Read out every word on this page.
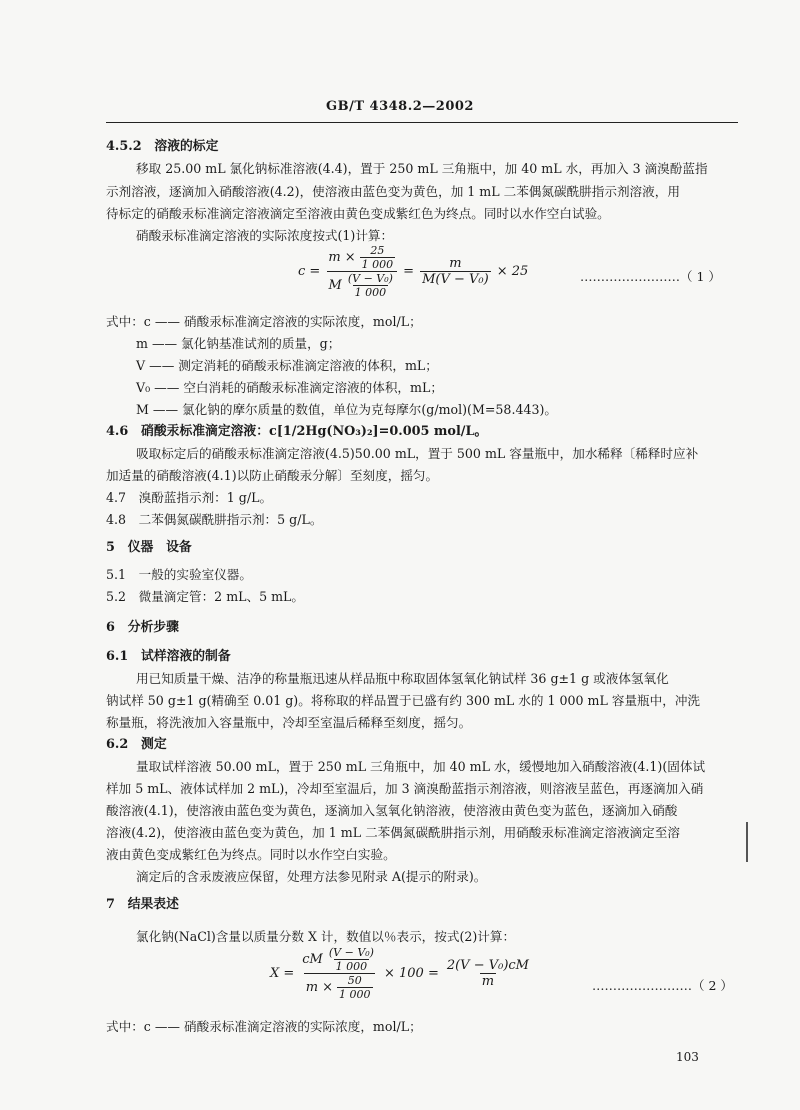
GB/T 4348.2—2002
4.5.2　溶液的标定
移取 25.00 mL 氯化钠标准溶液(4.4)，置于 250 mL 三角瓶中，加 40 mL 水，再加入 3 滴溴酚蓝指
示剂溶液，逐滴加入硝酸溶液(4.2)，使溶液由蓝色变为黄色，加 1 mL 二苯偶氮碳酰肼指示剂溶液，用
待标定的硝酸汞标准滴定溶液滴定至溶液由黄色变成紫红色为终点。同时以水作空白试验。
硝酸汞标准滴定溶液的实际浓度按式(1)计算：
$c = \frac{m \times \frac{25}{1 000}}{M \frac{\text{(V − V₀)}}{1 000}} = \frac{m}{\text{M(V − V₀)}} \times 25$	……………………（ 1 ）
式中：c —— 硝酸汞标准滴定溶液的实际浓度，mol/L；
m —— 氯化钠基准试剂的质量，g；
V —— 测定消耗的硝酸汞标准滴定溶液的体积，mL；
V₀ —— 空白消耗的硝酸汞标准滴定溶液的体积，mL；
M —— 氯化钠的摩尔质量的数值，单位为克每摩尔(g/mol)(M=58.443)。
4.6　硝酸汞标准滴定溶液：c[1/2Hg(NO₃)₂]=0.005 mol/L。
吸取标定后的硝酸汞标准滴定溶液(4.5)50.00 mL，置于 500 mL 容量瓶中，加水稀释〔稀释时应补
加适量的硝酸溶液(4.1)以防止硝酸汞分解〕至刻度，摇匀。
4.7　溴酚蓝指示剂：1 g/L。
4.8　二苯偶氮碳酰肼指示剂：5 g/L。
5　仪器　设备
5.1　一般的实验室仪器。
5.2　微量滴定管：2 mL、5 mL。
6　分析步骤
6.1　试样溶液的制备
用已知质量干燥、洁净的称量瓶迅速从样品瓶中称取固体氢氧化钠试样 36 g±1 g 或液体氢氧化
钠试样 50 g±1 g(精确至 0.01 g)。将称取的样品置于已盛有约 300 mL 水的 1 000 mL 容量瓶中，冲洗
称量瓶，将洗液加入容量瓶中，冷却至室温后稀释至刻度，摇匀。
6.2　测定
量取试样溶液 50.00 mL，置于 250 mL 三角瓶中，加 40 mL 水，缓慢地加入硝酸溶液(4.1)(固体试
样加 5 mL、液体试样加 2 mL)，冷却至室温后，加 3 滴溴酚蓝指示剂溶液，则溶液呈蓝色，再逐滴加入硝
酸溶液(4.1)，使溶液由蓝色变为黄色，逐滴加入氢氧化钠溶液，使溶液由黄色变为蓝色，逐滴加入硝酸
溶液(4.2)，使溶液由蓝色变为黄色，加 1 mL 二苯偶氮碳酰肼指示剂，用硝酸汞标准滴定溶液滴定至溶
液由黄色变成紫红色为终点。同时以水作空白实验。
滴定后的含汞废液应保留，处理方法参见附录 A(提示的附录)。
7　结果表述
氯化钠(NaCl)含量以质量分数 X 计，数值以％表示，按式(2)计算：
$X = \frac{cM \frac{\text{(V − V₀)}}{1 000}}{m \times \frac{50}{1 000}} \times 100 = \frac{\text{2(V − V₀)cM}}{m}$	……………………（ 2 ）
式中：c —— 硝酸汞标准滴定溶液的实际浓度，mol/L；
103
